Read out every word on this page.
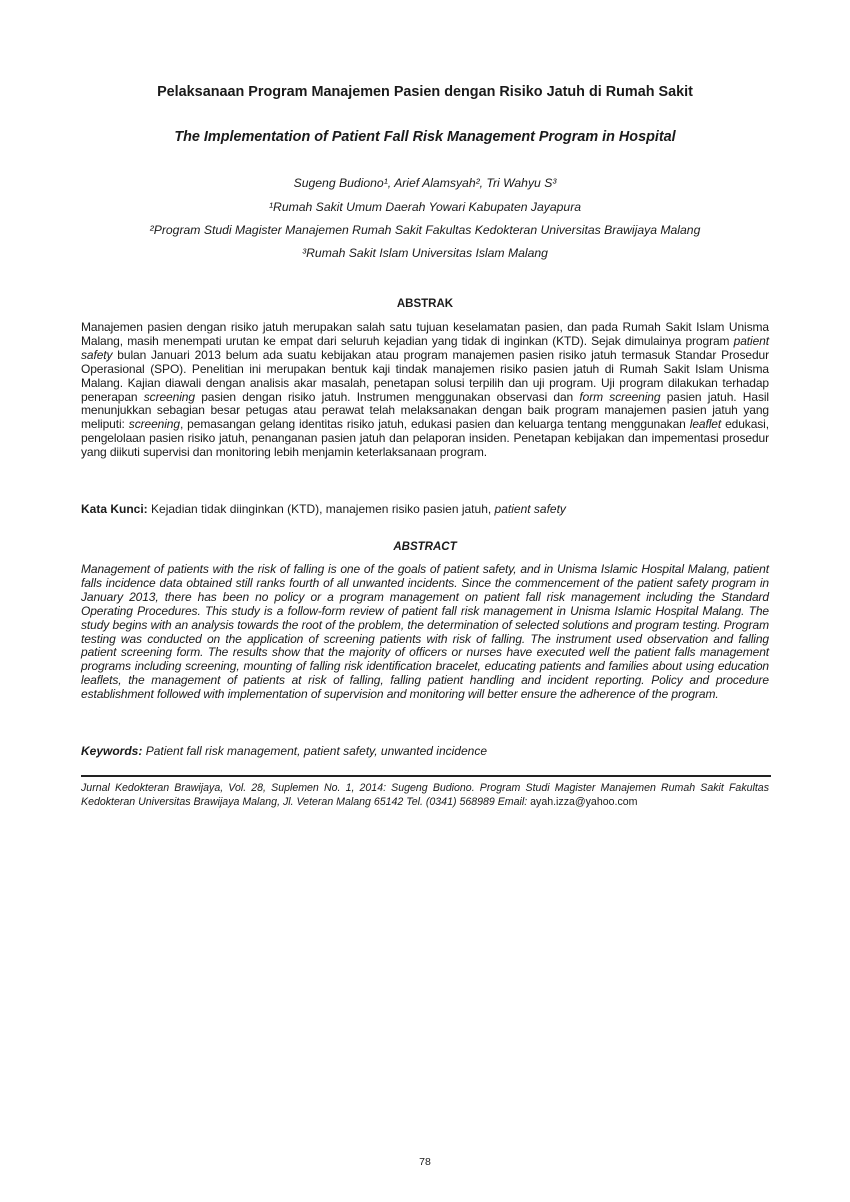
Pelaksanaan Program Manajemen Pasien dengan Risiko Jatuh di Rumah Sakit
The Implementation of Patient Fall Risk Management Program in Hospital
Sugeng Budiono¹, Arief Alamsyah², Tri Wahyu S³
¹Rumah Sakit Umum Daerah Yowari Kabupaten Jayapura
²Program Studi Magister Manajemen Rumah Sakit Fakultas Kedokteran Universitas Brawijaya Malang
³Rumah Sakit Islam Universitas Islam Malang
ABSTRAK
Manajemen pasien dengan risiko jatuh merupakan salah satu tujuan keselamatan pasien, dan pada Rumah Sakit Islam Unisma Malang, masih menempati urutan ke empat dari seluruh kejadian yang tidak di inginkan (KTD). Sejak dimulainya program patient safety bulan Januari 2013 belum ada suatu kebijakan atau program manajemen pasien risiko jatuh termasuk Standar Prosedur Operasional (SPO). Penelitian ini merupakan bentuk kaji tindak manajemen risiko pasien jatuh di Rumah Sakit Islam Unisma Malang. Kajian diawali dengan analisis akar masalah, penetapan solusi terpilih dan uji program. Uji program dilakukan terhadap penerapan screening pasien dengan risiko jatuh. Instrumen menggunakan observasi dan form screening pasien jatuh. Hasil menunjukkan sebagian besar petugas atau perawat telah melaksanakan dengan baik program manajemen pasien jatuh yang meliputi: screening, pemasangan gelang identitas risiko jatuh, edukasi pasien dan keluarga tentang menggunakan leaflet edukasi, pengelolaan pasien risiko jatuh, penanganan pasien jatuh dan pelaporan insiden. Penetapan kebijakan dan impementasi prosedur yang diikuti supervisi dan monitoring lebih menjamin keterlaksanaan program.
Kata Kunci: Kejadian tidak diinginkan (KTD), manajemen risiko pasien jatuh, patient safety
ABSTRACT
Management of patients with the risk of falling is one of the goals of patient safety, and in Unisma Islamic Hospital Malang, patient falls incidence data obtained still ranks fourth of all unwanted incidents. Since the commencement of the patient safety program in January 2013, there has been no policy or a program management on patient fall risk management including the Standard Operating Procedures. This study is a follow-form review of patient fall risk management in Unisma Islamic Hospital Malang. The study begins with an analysis towards the root of the problem, the determination of selected solutions and program testing. Program testing was conducted on the application of screening patients with risk of falling. The instrument used observation and falling patient screening form. The results show that the majority of officers or nurses have executed well the patient falls management programs including screening, mounting of falling risk identification bracelet, educating patients and families about using education leaflets, the management of patients at risk of falling, falling patient handling and incident reporting. Policy and procedure establishment followed with implementation of supervision and monitoring will better ensure the adherence of the program.
Keywords: Patient fall risk management, patient safety, unwanted incidence
Jurnal Kedokteran Brawijaya, Vol. 28, Suplemen No. 1, 2014: Sugeng Budiono. Program Studi Magister Manajemen Rumah Sakit Fakultas Kedokteran Universitas Brawijaya Malang, Jl. Veteran Malang 65142 Tel. (0341) 568989 Email: ayah.izza@yahoo.com
78
